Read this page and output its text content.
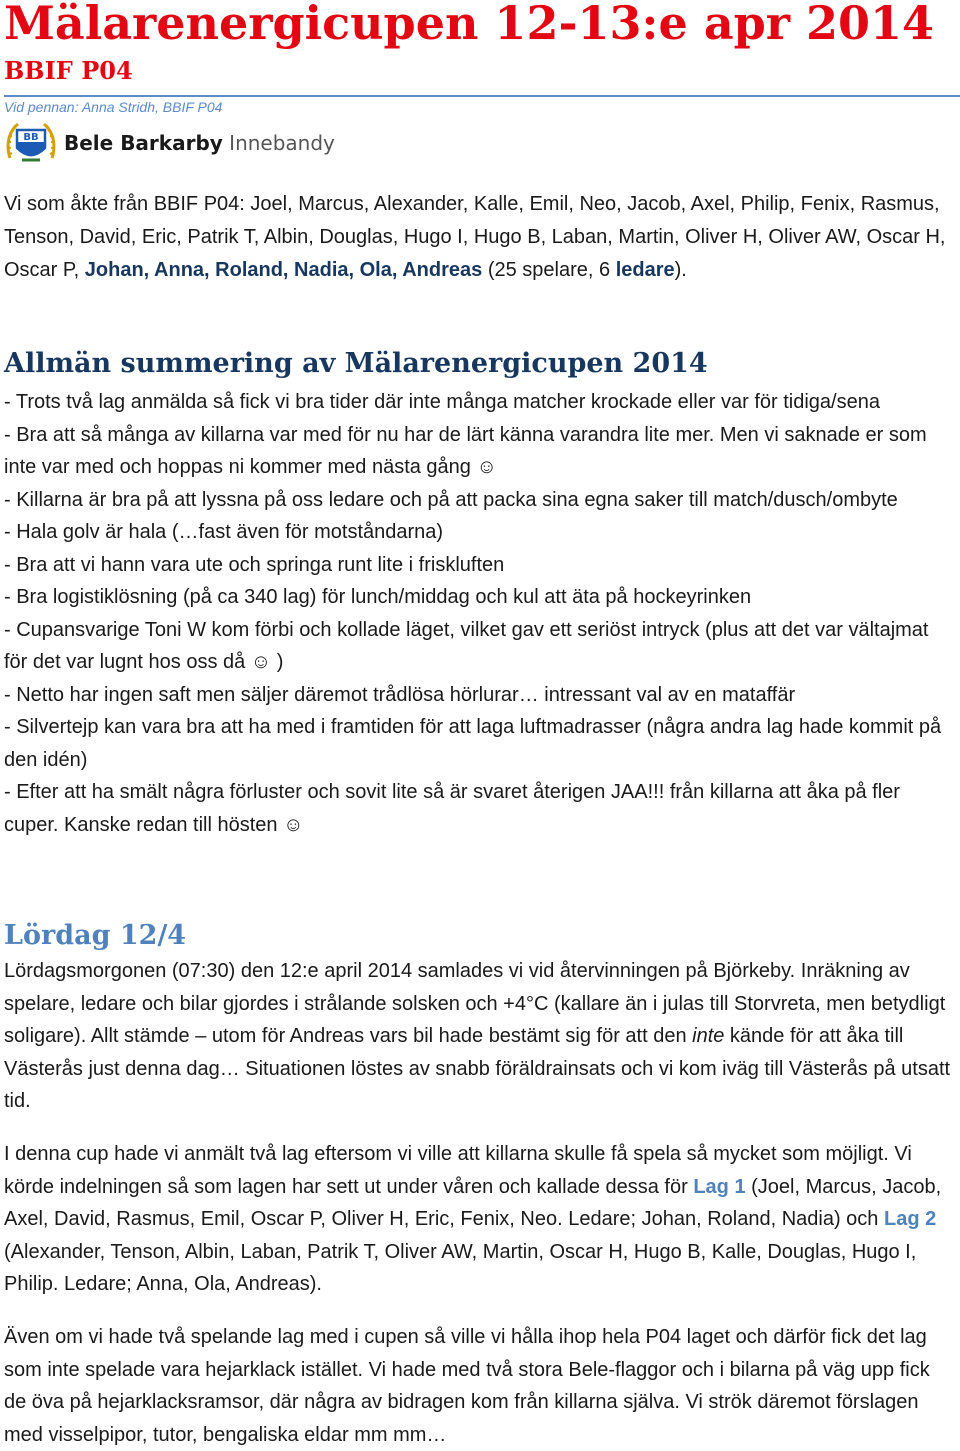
Mälarenergicupen 12-13:e apr 2014
BBIF P04
Vid pennan: Anna Stridh, BBIF P04
BB Bele Barkarby Innebandy

Vi som åkte från BBIF P04: Joel, Marcus, Alexander, Kalle, Emil, Neo, Jacob, Axel, Philip, Fenix, Rasmus, Tenson, David, Eric, Patrik T, Albin, Douglas, Hugo I, Hugo B, Laban, Martin, Oliver H, Oliver AW, Oscar H, Oscar P, Johan, Anna, Roland, Nadia, Ola, Andreas (25 spelare, 6 ledare).

Allmän summering av Mälarenergicupen 2014

- Trots två lag anmälda så fick vi bra tider där inte många matcher krockade eller var för tidiga/sena

- Bra att så många av killarna var med för nu har de lärt känna varandra lite mer. Men vi saknade er som inte var med och hoppas ni kommer med nästa gång ☺

- Killarna är bra på att lyssna på oss ledare och på att packa sina egna saker till match/dusch/ombyte

- Hala golv är hala (…fast även för motståndarna)

- Bra att vi hann vara ute och springa runt lite i friskluften

- Bra logistiklösning (på ca 340 lag) för lunch/middag och kul att äta på hockeyrinken

- Cupansvarige Toni W kom förbi och kollade läget, vilket gav ett seriöst intryck (plus att det var vältajmat för det var lugnt hos oss då ☺ )

- Netto har ingen saft men säljer däremot trådlösa hörlurar… intressant val av en mataffär

- Silvertejp kan vara bra att ha med i framtiden för att laga luftmadrasser (några andra lag hade kommit på den idén)

- Efter att ha smält några förluster och sovit lite så är svaret återigen JAA!!! från killarna att åka på fler cuper. Kanske redan till hösten ☺

Lördag 12/4

Lördagsmorgonen (07:30) den 12:e april 2014 samlades vi vid återvinningen på Björkeby. Inräkning av spelare, ledare och bilar gjordes i strålande solsken och +4°C (kallare än i julas till Storvreta, men betydligt soligare). Allt stämde – utom för Andreas vars bil hade bestämt sig för att den inte kände för att åka till Västerås just denna dag… Situationen löstes av snabb föräldrainsats och vi kom iväg till Västerås på utsatt tid.

I denna cup hade vi anmält två lag eftersom vi ville att killarna skulle få spela så mycket som möjligt. Vi körde indelningen så som lagen har sett ut under våren och kallade dessa för Lag 1 (Joel, Marcus, Jacob, Axel, David, Rasmus, Emil, Oscar P, Oliver H, Eric, Fenix, Neo. Ledare; Johan, Roland, Nadia) och Lag 2 (Alexander, Tenson, Albin, Laban, Patrik T, Oliver AW, Martin, Oscar H, Hugo B, Kalle, Douglas, Hugo I, Philip. Ledare; Anna, Ola, Andreas).

Även om vi hade två spelande lag med i cupen så ville vi hålla ihop hela P04 laget och därför fick det lag som inte spelade vara hejarklack istället. Vi hade med två stora Bele-flaggor och i bilarna på väg upp fick de öva på hejarklacksramsor, där några av bidragen kom från killarna själva. Vi strök däremot förslagen med visselpipor, tutor, bengaliska eldar mm mm…
